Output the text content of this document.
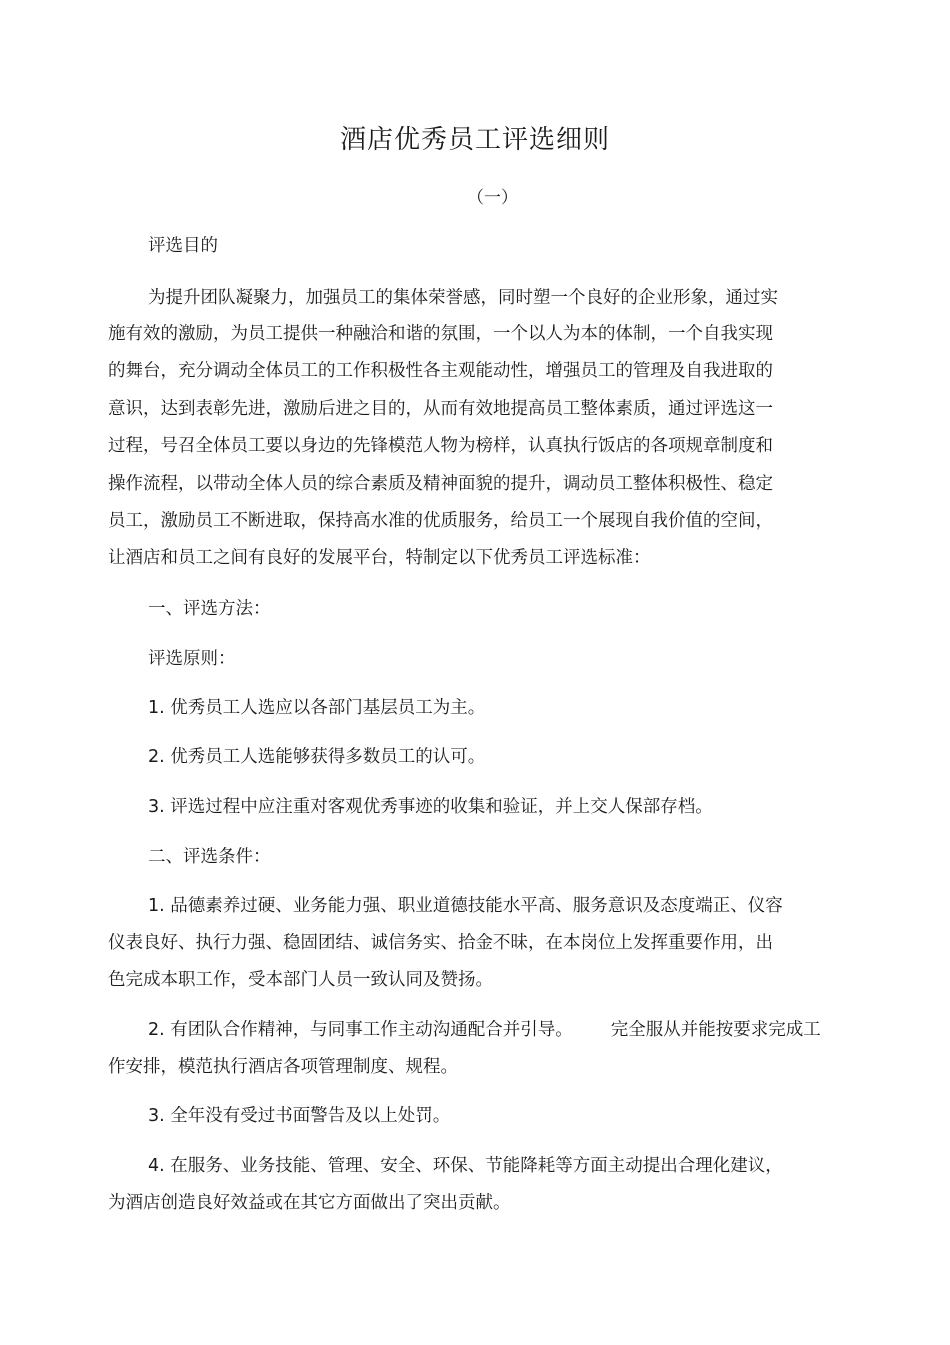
酒店优秀员工评选细则
（一）
评选目的
为提升团队凝聚力，加强员工的集体荣誉感，同时塑一个良好的企业形象，通过实
施有效的激励，为员工提供一种融洽和谐的氛围，一个以人为本的体制，一个自我实现
的舞台，充分调动全体员工的工作积极性各主观能动性，增强员工的管理及自我进取的
意识，达到表彰先进，激励后进之目的，从而有效地提高员工整体素质，通过评选这一
过程，号召全体员工要以身边的先锋模范人物为榜样，认真执行饭店的各项规章制度和
操作流程，以带动全体人员的综合素质及精神面貌的提升，调动员工整体积极性、稳定
员工，激励员工不断进取，保持高水准的优质服务，给员工一个展现自我价值的空间，
让酒店和员工之间有良好的发展平台，特制定以下优秀员工评选标准：
一、评选方法：
评选原则：
1. 优秀员工人选应以各部门基层员工为主。
2. 优秀员工人选能够获得多数员工的认可。
3. 评选过程中应注重对客观优秀事迹的收集和验证，并上交人保部存档。
二、评选条件：
1. 品德素养过硬、业务能力强、职业道德技能水平高、服务意识及态度端正、仪容
仪表良好、执行力强、稳固团结、诚信务实、拾金不昧，在本岗位上发挥重要作用，出
色完成本职工作，受本部门人员一致认同及赞扬。
2. 有团队合作精神，与同事工作主动沟通配合并引导。 完全服从并能按要求完成工
作安排，模范执行酒店各项管理制度、规程。
3. 全年没有受过书面警告及以上处罚。
4. 在服务、业务技能、管理、安全、环保、节能降耗等方面主动提出合理化建议，
为酒店创造良好效益或在其它方面做出了突出贡献。
